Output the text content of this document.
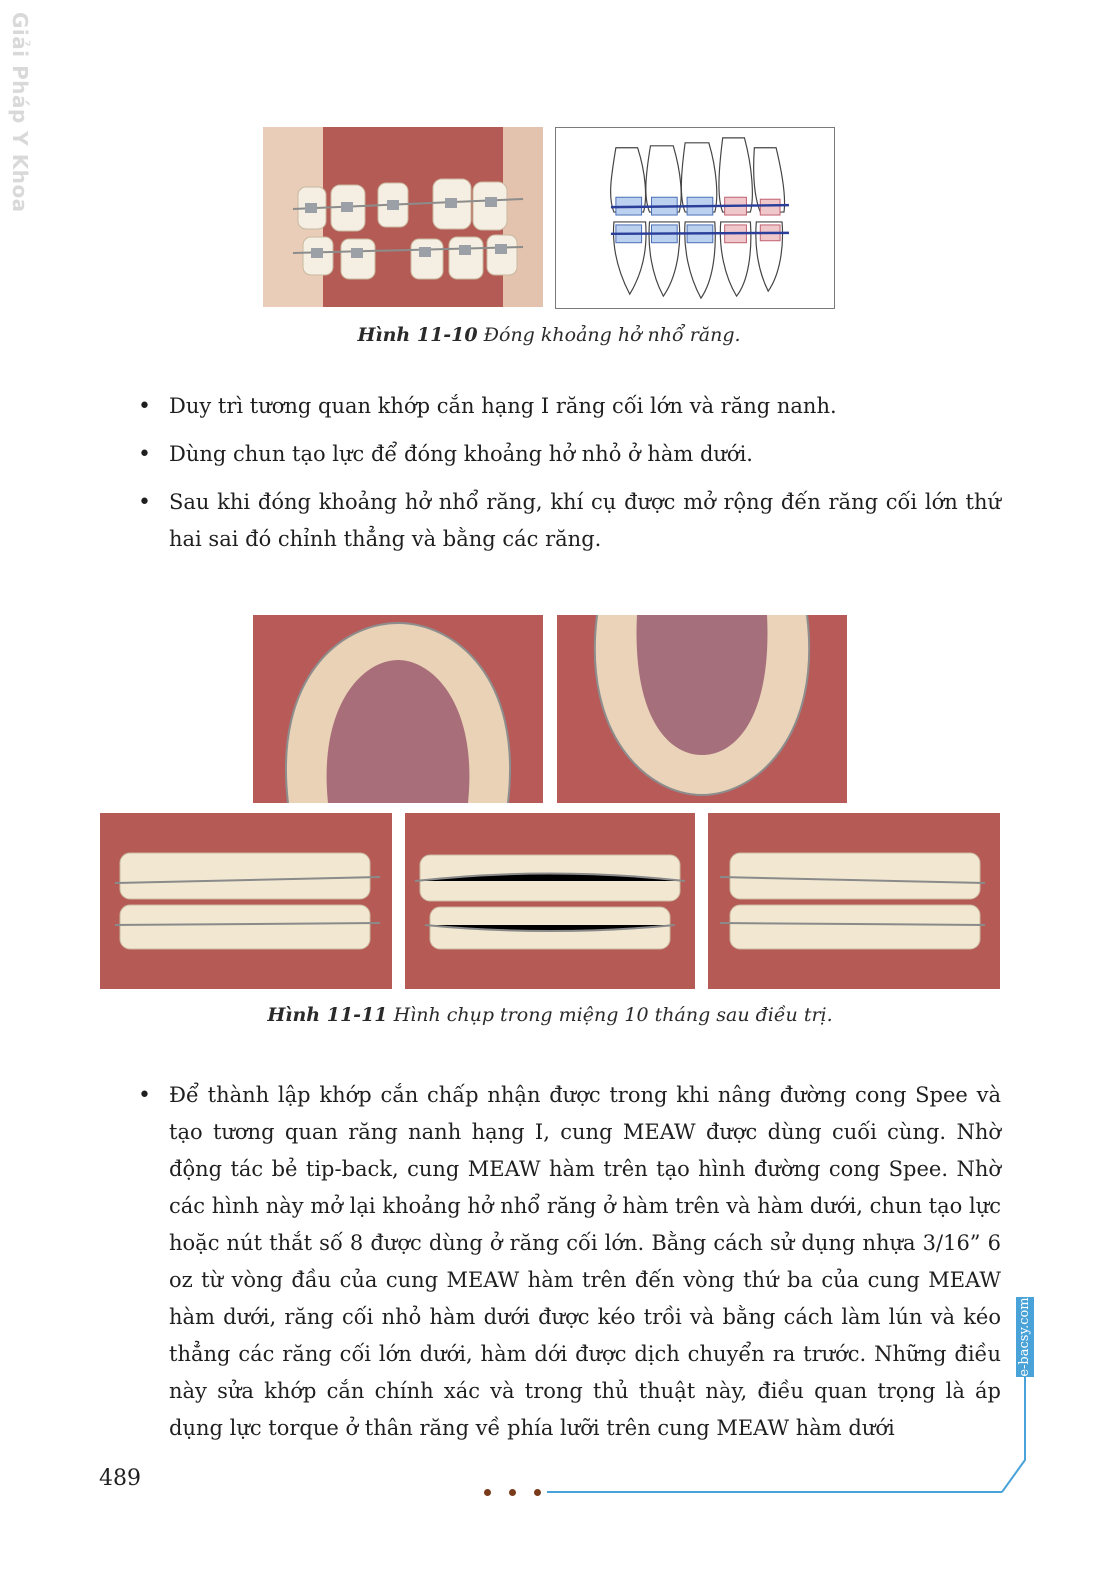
Giải Pháp Y Khoa
Hình 11-10 Đóng khoảng hở nhổ răng.
• Duy trì tương quan khớp cắn hạng I răng cối lớn và răng nanh.
• Dùng chun tạo lực để đóng khoảng hở nhỏ ở hàm dưới.
• Sau khi đóng khoảng hở nhổ răng, khí cụ được mở rộng đến răng cối lớn thứ hai sai đó chỉnh thẳng và bằng các răng.
Hình 11-11 Hình chụp trong miệng 10 tháng sau điều trị.
• Để thành lập khớp cắn chấp nhận được trong khi nâng đường cong Spee và tạo tương quan răng nanh hạng I, cung MEAW được dùng cuối cùng. Nhờ động tác bẻ tip-back, cung MEAW hàm trên tạo hình đường cong Spee. Nhờ các hình này mở lại khoảng hở nhổ răng ở hàm trên và hàm dưới, chun tạo lực hoặc nút thắt số 8 được dùng ở răng cối lớn. Bằng cách sử dụng nhựa 3/16” 6 oz từ vòng đầu của cung MEAW hàm trên đến vòng thứ ba của cung MEAW hàm dưới, răng cối nhỏ hàm dưới được kéo trồi và bằng cách làm lún và kéo thẳng các răng cối lớn dưới, hàm dới được dịch chuyển ra trước. Những điều này sửa khớp cắn chính xác và trong thủ thuật này, điều quan trọng là áp dụng lực torque ở thân răng về phía lưỡi trên cung MEAW hàm dưới
489
e-bacsy.com
